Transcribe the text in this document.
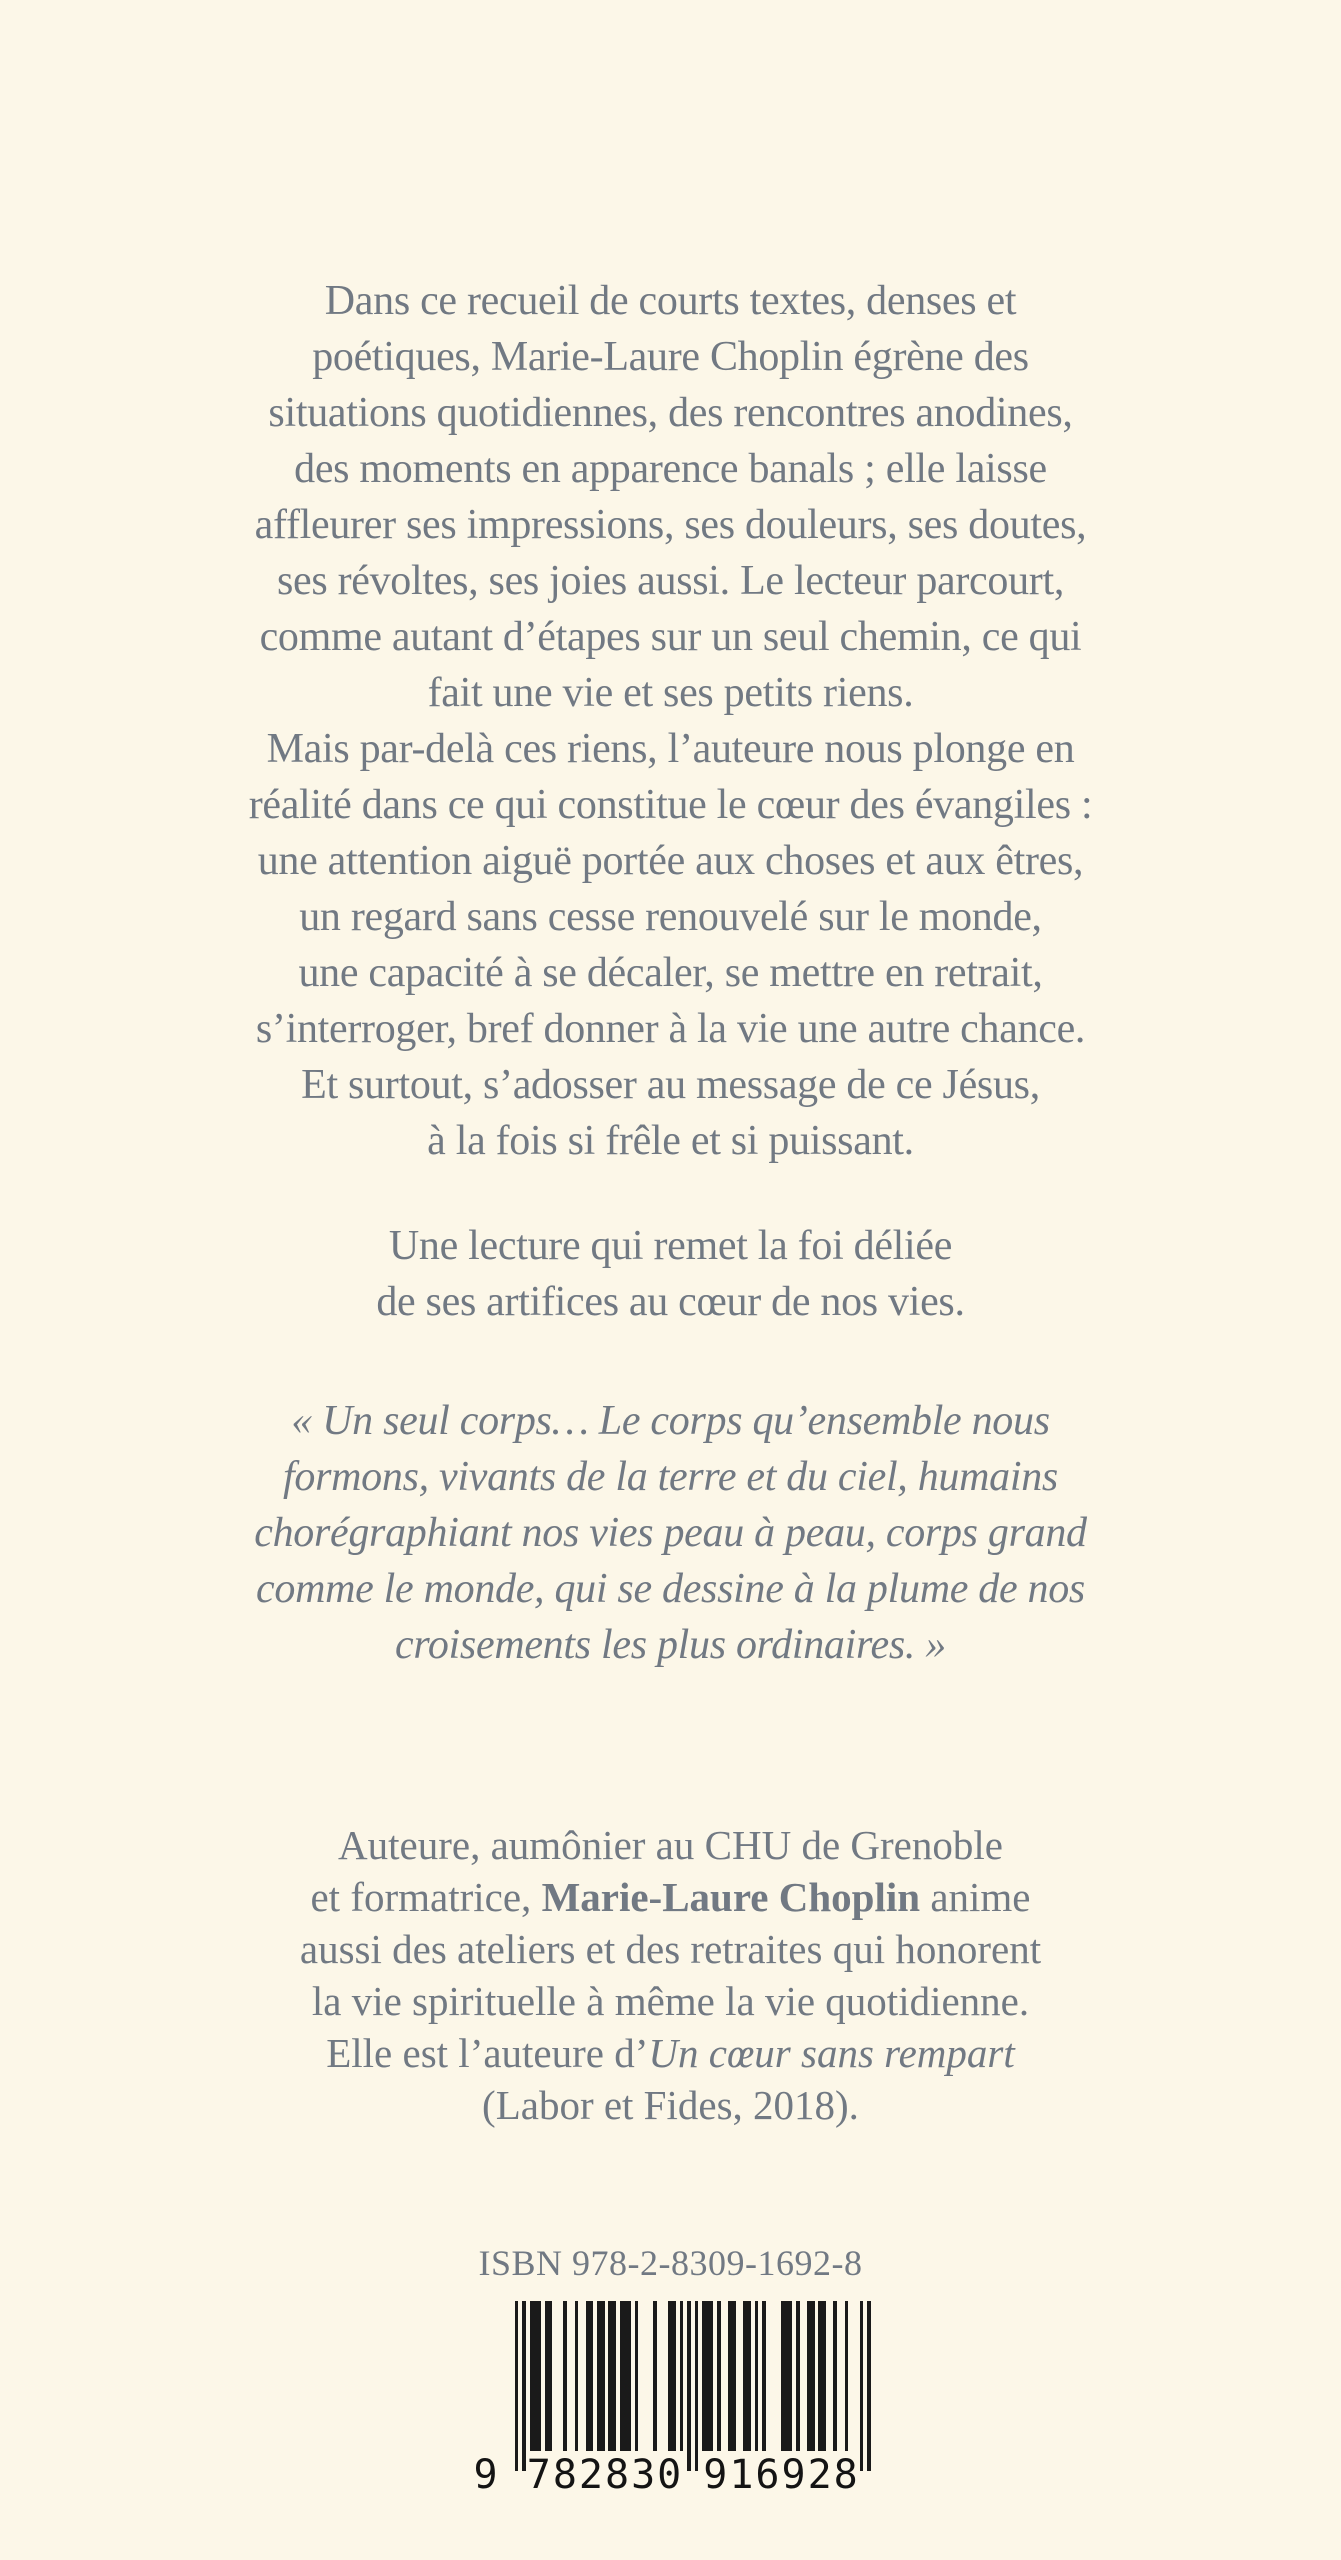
Dans ce recueil de courts textes, denses et

poétiques, Marie-Laure Choplin égrène des

situations quotidiennes, des rencontres anodines,

des moments en apparence banals ; elle laisse

affleurer ses impressions, ses douleurs, ses doutes,

ses révoltes, ses joies aussi. Le lecteur parcourt,

comme autant d’étapes sur un seul chemin, ce qui

fait une vie et ses petits riens.

Mais par-delà ces riens, l’auteure nous plonge en

réalité dans ce qui constitue le cœur des évangiles :

une attention aiguë portée aux choses et aux êtres,

un regard sans cesse renouvelé sur le monde,

une capacité à se décaler, se mettre en retrait,

s’interroger, bref donner à la vie une autre chance.

Et surtout, s’adosser au message de ce Jésus,

à la fois si frêle et si puissant.

Une lecture qui remet la foi déliée

de ses artifices au cœur de nos vies.

« Un seul corps… Le corps qu’ensemble nous

formons, vivants de la terre et du ciel, humains

chorégraphiant nos vies peau à peau, corps grand

comme le monde, qui se dessine à la plume de nos

croisements les plus ordinaires. »

Auteure, aumônier au CHU de Grenoble

et formatrice, Marie-Laure Choplin anime

aussi des ateliers et des retraites qui honorent

la vie spirituelle à même la vie quotidienne.

Elle est l’auteure d’Un cœur sans rempart

(Labor et Fides, 2018).

ISBN 978-2-8309-1692-8

9 782830 916928
